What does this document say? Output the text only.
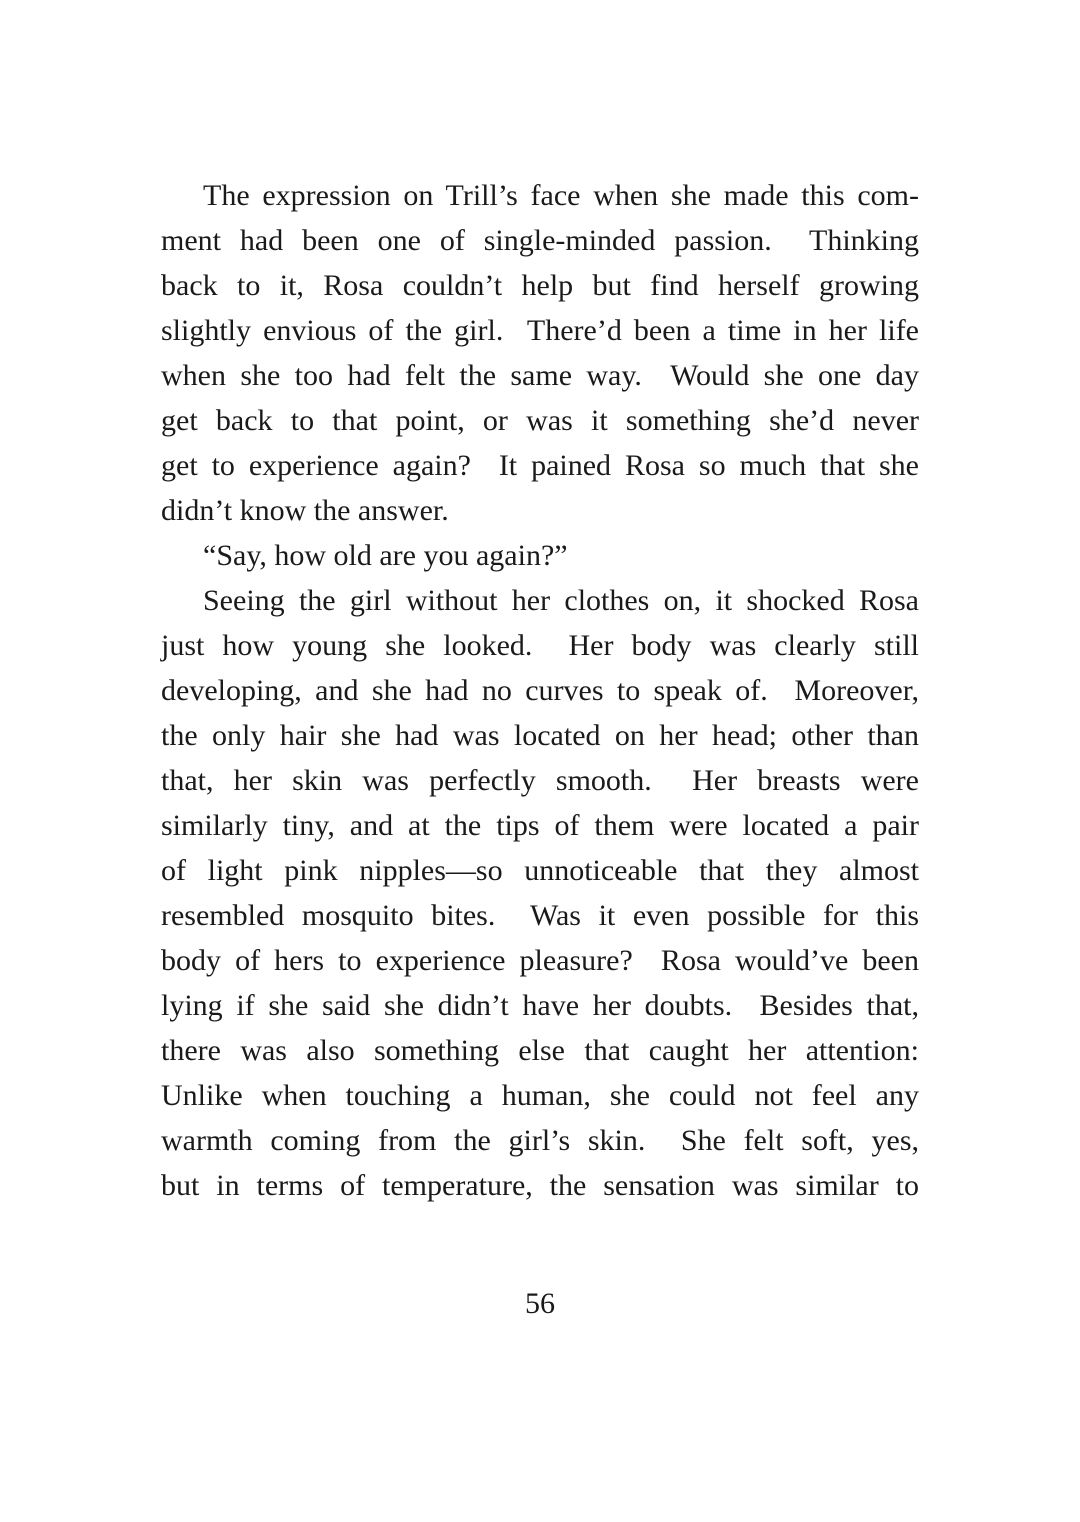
The expression on Trill’s face when she made this com-
ment had been one of single-minded passion.  Thinking
back to it, Rosa couldn’t help but find herself growing
slightly envious of the girl.  There’d been a time in her life
when she too had felt the same way.  Would she one day
get back to that point, or was it something she’d never
get to experience again?  It pained Rosa so much that she
didn’t know the answer.
“Say, how old are you again?”
Seeing the girl without her clothes on, it shocked Rosa
just how young she looked.  Her body was clearly still
developing, and she had no curves to speak of.  Moreover,
the only hair she had was located on her head; other than
that, her skin was perfectly smooth.  Her breasts were
similarly tiny, and at the tips of them were located a pair
of light pink nipples—so unnoticeable that they almost
resembled mosquito bites.  Was it even possible for this
body of hers to experience pleasure?  Rosa would’ve been
lying if she said she didn’t have her doubts.  Besides that,
there was also something else that caught her attention:
Unlike when touching a human, she could not feel any
warmth coming from the girl’s skin.  She felt soft, yes,
but in terms of temperature, the sensation was similar to
56
